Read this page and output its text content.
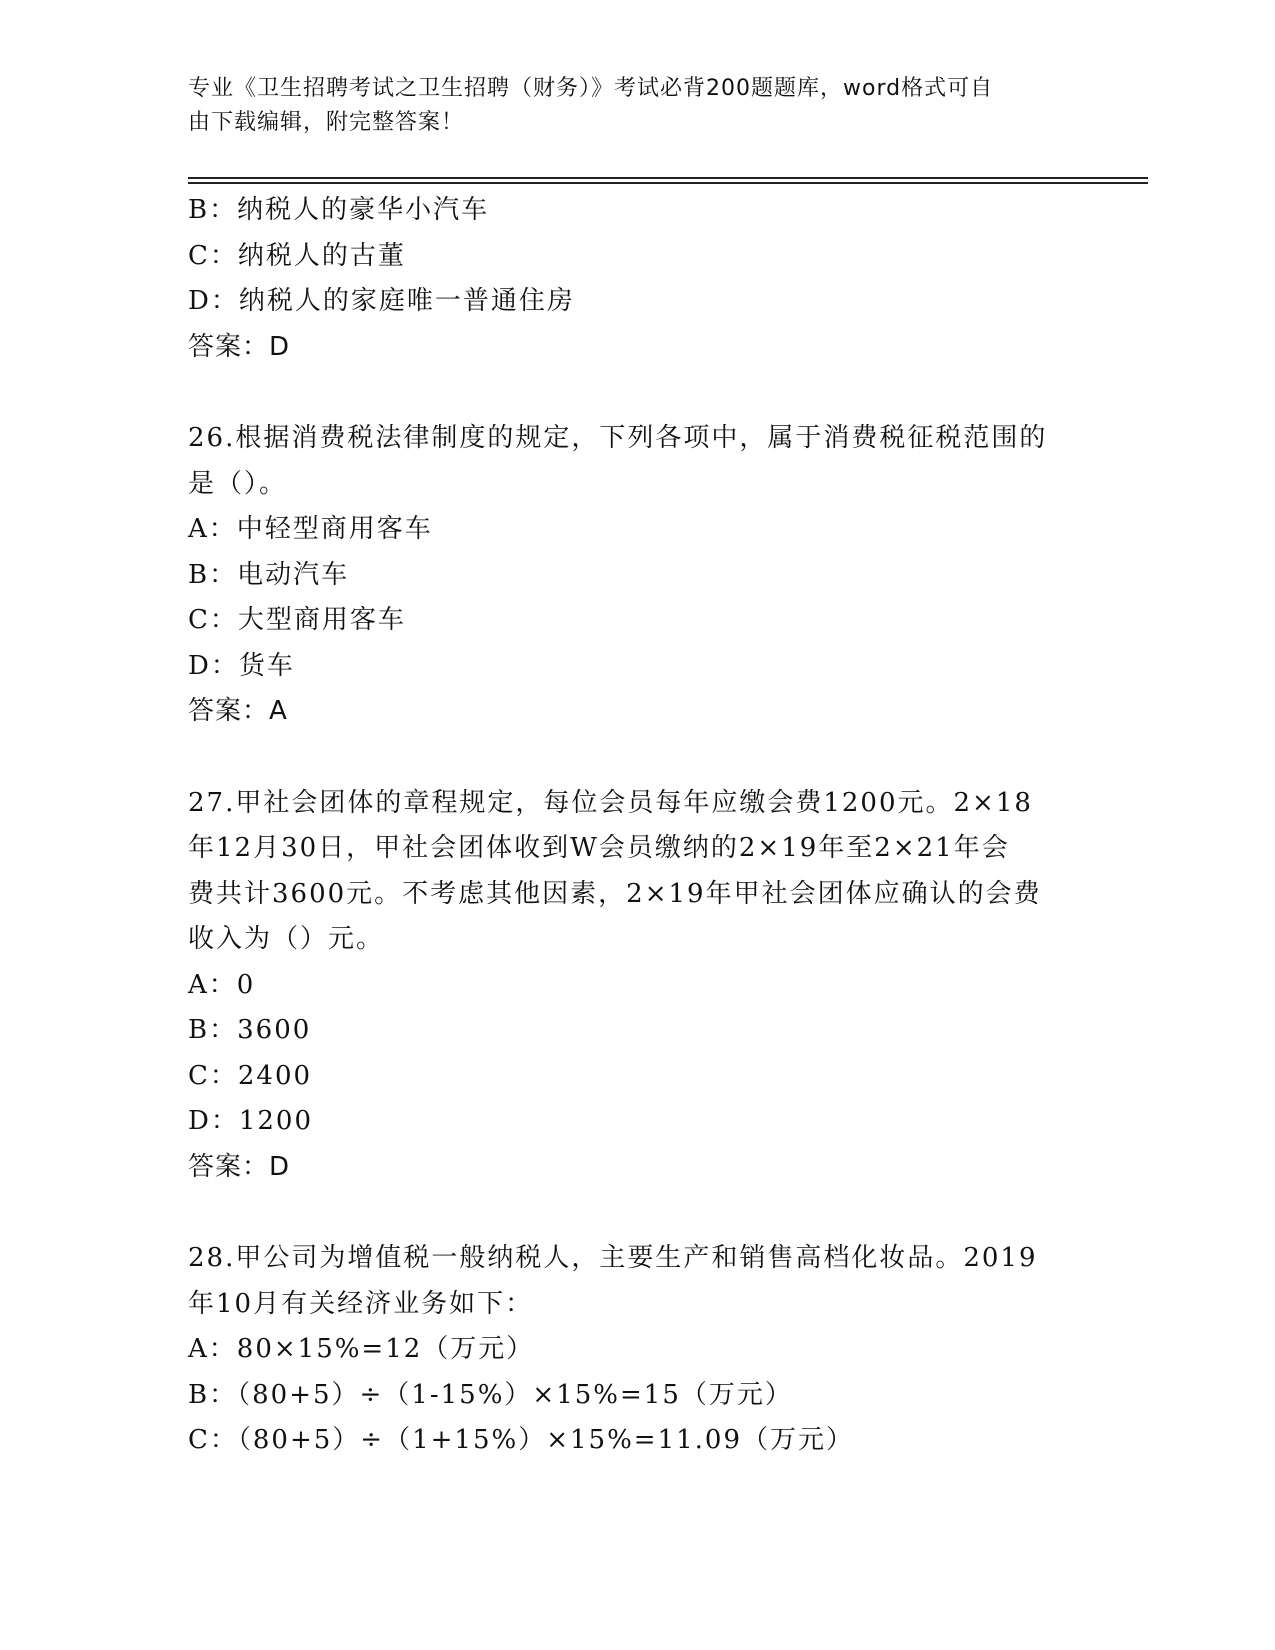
专业《卫生招聘考试之卫生招聘（财务）》考试必背200题题库，word格式可自
由下载编辑，附完整答案！
B：纳税人的豪华小汽车
C：纳税人的古董
D：纳税人的家庭唯一普通住房
答案：D
26.根据消费税法律制度的规定，下列各项中，属于消费税征税范围的
是（）。
A：中轻型商用客车
B：电动汽车
C：大型商用客车
D：货车
答案：A
27.甲社会团体的章程规定，每位会员每年应缴会费1200元。2×18
年12月30日，甲社会团体收到W会员缴纳的2×19年至2×21年会
费共计3600元。不考虑其他因素，2×19年甲社会团体应确认的会费
收入为（）元。
A：0
B：3600
C：2400
D：1200
答案：D
28.甲公司为增值税一般纳税人，主要生产和销售高档化妆品。2019
年10月有关经济业务如下：
A：80×15%=12（万元）
B：（80+5）÷（1-15%）×15%=15（万元）
C：（80+5）÷（1+15%）×15%=11.09（万元）
